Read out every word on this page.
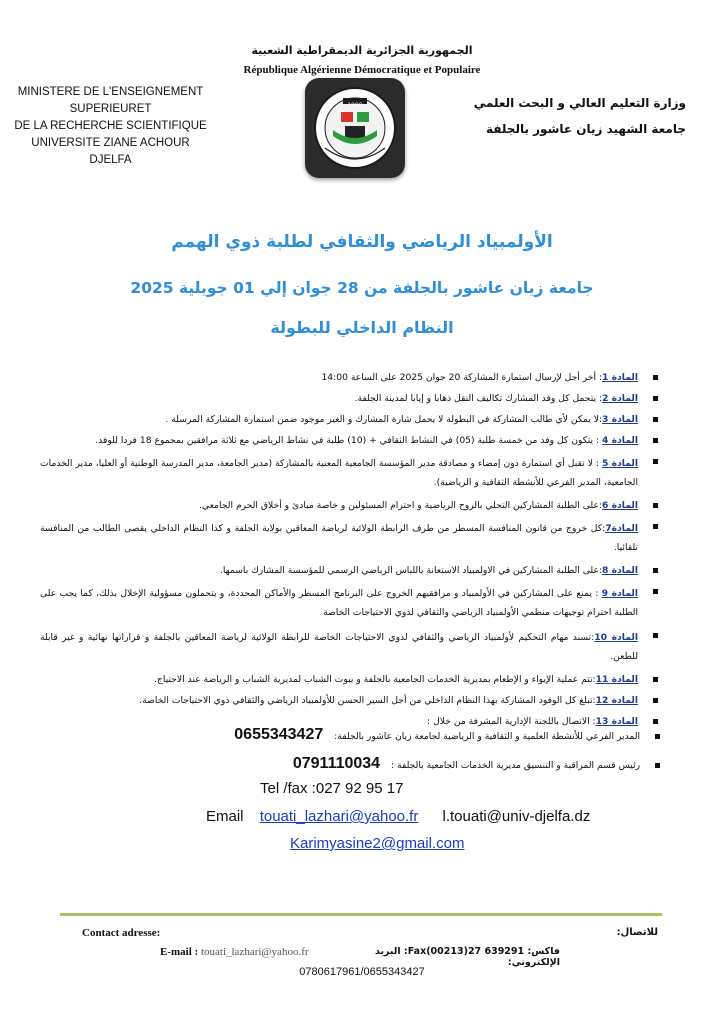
الجمهورية الجزائرية الديمقراطية الشعبية
République Algérienne Démocratique et Populaire
MINISTERE DE L'ENSEIGNEMENT SUPERIEURET
DE LA RECHERCHE SCIENTIFIQUE
UNIVERSITE ZIANE ACHOUR
DJELFA
وزارة التعليم العالي و البحث العلمي
جامعة الشهيد زيان عاشور بالجلفة
1990
الأولمبياد الرياضي والثقافي لطلبة ذوي الهمم
جامعة زيان عاشور بالجلفة من 28 جوان إلي 01 جويلية 2025
النظام الداخلي للبطولة
المادة 1: أخر أجل لإرسال استمارة المشاركة 20 جوان 2025 على الساعة 14:00
المادة 2: يتحمل كل وفد المشارك تكاليف النقل ذهابا و إيابا لمدينة الجلفة.
المادة 3:لا يمكن لأي طالب المشاركة في البطولة لا يحمل شارة المشارك و الغير موجود ضمن استمارة المشاركة المرسلة .
المادة 4 : يتكون كل وفد من خمسة طلبة (05) في النشاط الثقافي + (10) طلبة في نشاط الرياضي مع ثلاثة مرافقين بمجموع 18 فردا للوفد.
المادة 5 : لا تقبل أي استمارة دون إمضاء و مصادقة مدير المؤسسة الجامعية المعنية بالمشاركة (مدير الجامعة، مدير المدرسة الوطنية أو العليا، مدير الخدمات الجامعية، المدير الفرعي للأنشطة الثقافية و الرياضية).
المادة 6:على الطلبة المشاركين التحلي بالروح الرياضية و احترام المسئولين و خاصة مبادئ و أخلاق الحرم الجامعي.
المادة7:كل خروج من قانون المنافسة المسطر من طرف الرابطة الولائية لرياضة المعاقين بولاية الجلفة و كذا النظام الداخلي يقصى الطالب من المنافسة تلقائيا.
المادة 8:على الطلبة المشاركين في الاولمبياد الاستعانة باللباس الرياضي الرسمي للمؤسسة المشارك باسمها.
المادة 9 : يمنع على المشاركين في الأولمبياد و مرافقيهم الخروج على البرنامج المسطر والأماكن المحددة، و يتحملون مسؤولية الإخلال بذلك، كما يجب على الطلبة احترام توجيهات منظمي الأولمبياد الرياضي والثقافي لذوي الاحتياجات الخاصة
المادة 10:تسند مهام التحكيم لأولمبياد الرياضي والثقافي لذوي الاحتياجات الخاصة للرابطة الولائية لرياضة المعاقين بالجلفة و قراراتها نهائية و غير قابلة للطعن.
المادة 11:تتم عملية الإيواء و الإطعام بمديرية الخدمات الجامعية بالجلفة و بيوت الشباب لمديرية الشباب و الرياضة عند الاحتياج.
المادة 12:تبلغ كل الوفود المشاركة بهذا النظام الداخلي من أجل السير الحسن للأولمبياد الرياضي والثقافي ذوي الاحتياجات الخاصة.
المادة 13: الاتصال باللجنة الإدارية المشرفة من خلال :
المدير الفرعي للأنشطة العلمية و الثقافية و الرياضية لجامعة زيان عاشور بالجلفة: 0655343427
رئيس قسم المراقبة و التنسيق مديرية الخدمات الجامعية بالجلفة : 0791110034
Tel /fax :027 92 95 17
Email touati_lazhari@yahoo.fr l.touati@univ-djelfa.dz
Karimyasine2@gmail.com
Contact adresse:	للاتصال:
E-mail : touati_lazhari@yahoo.fr	فاكس: Fax(00213)27 639291: البريد الإلكتروني:
0780617961/0655343427
